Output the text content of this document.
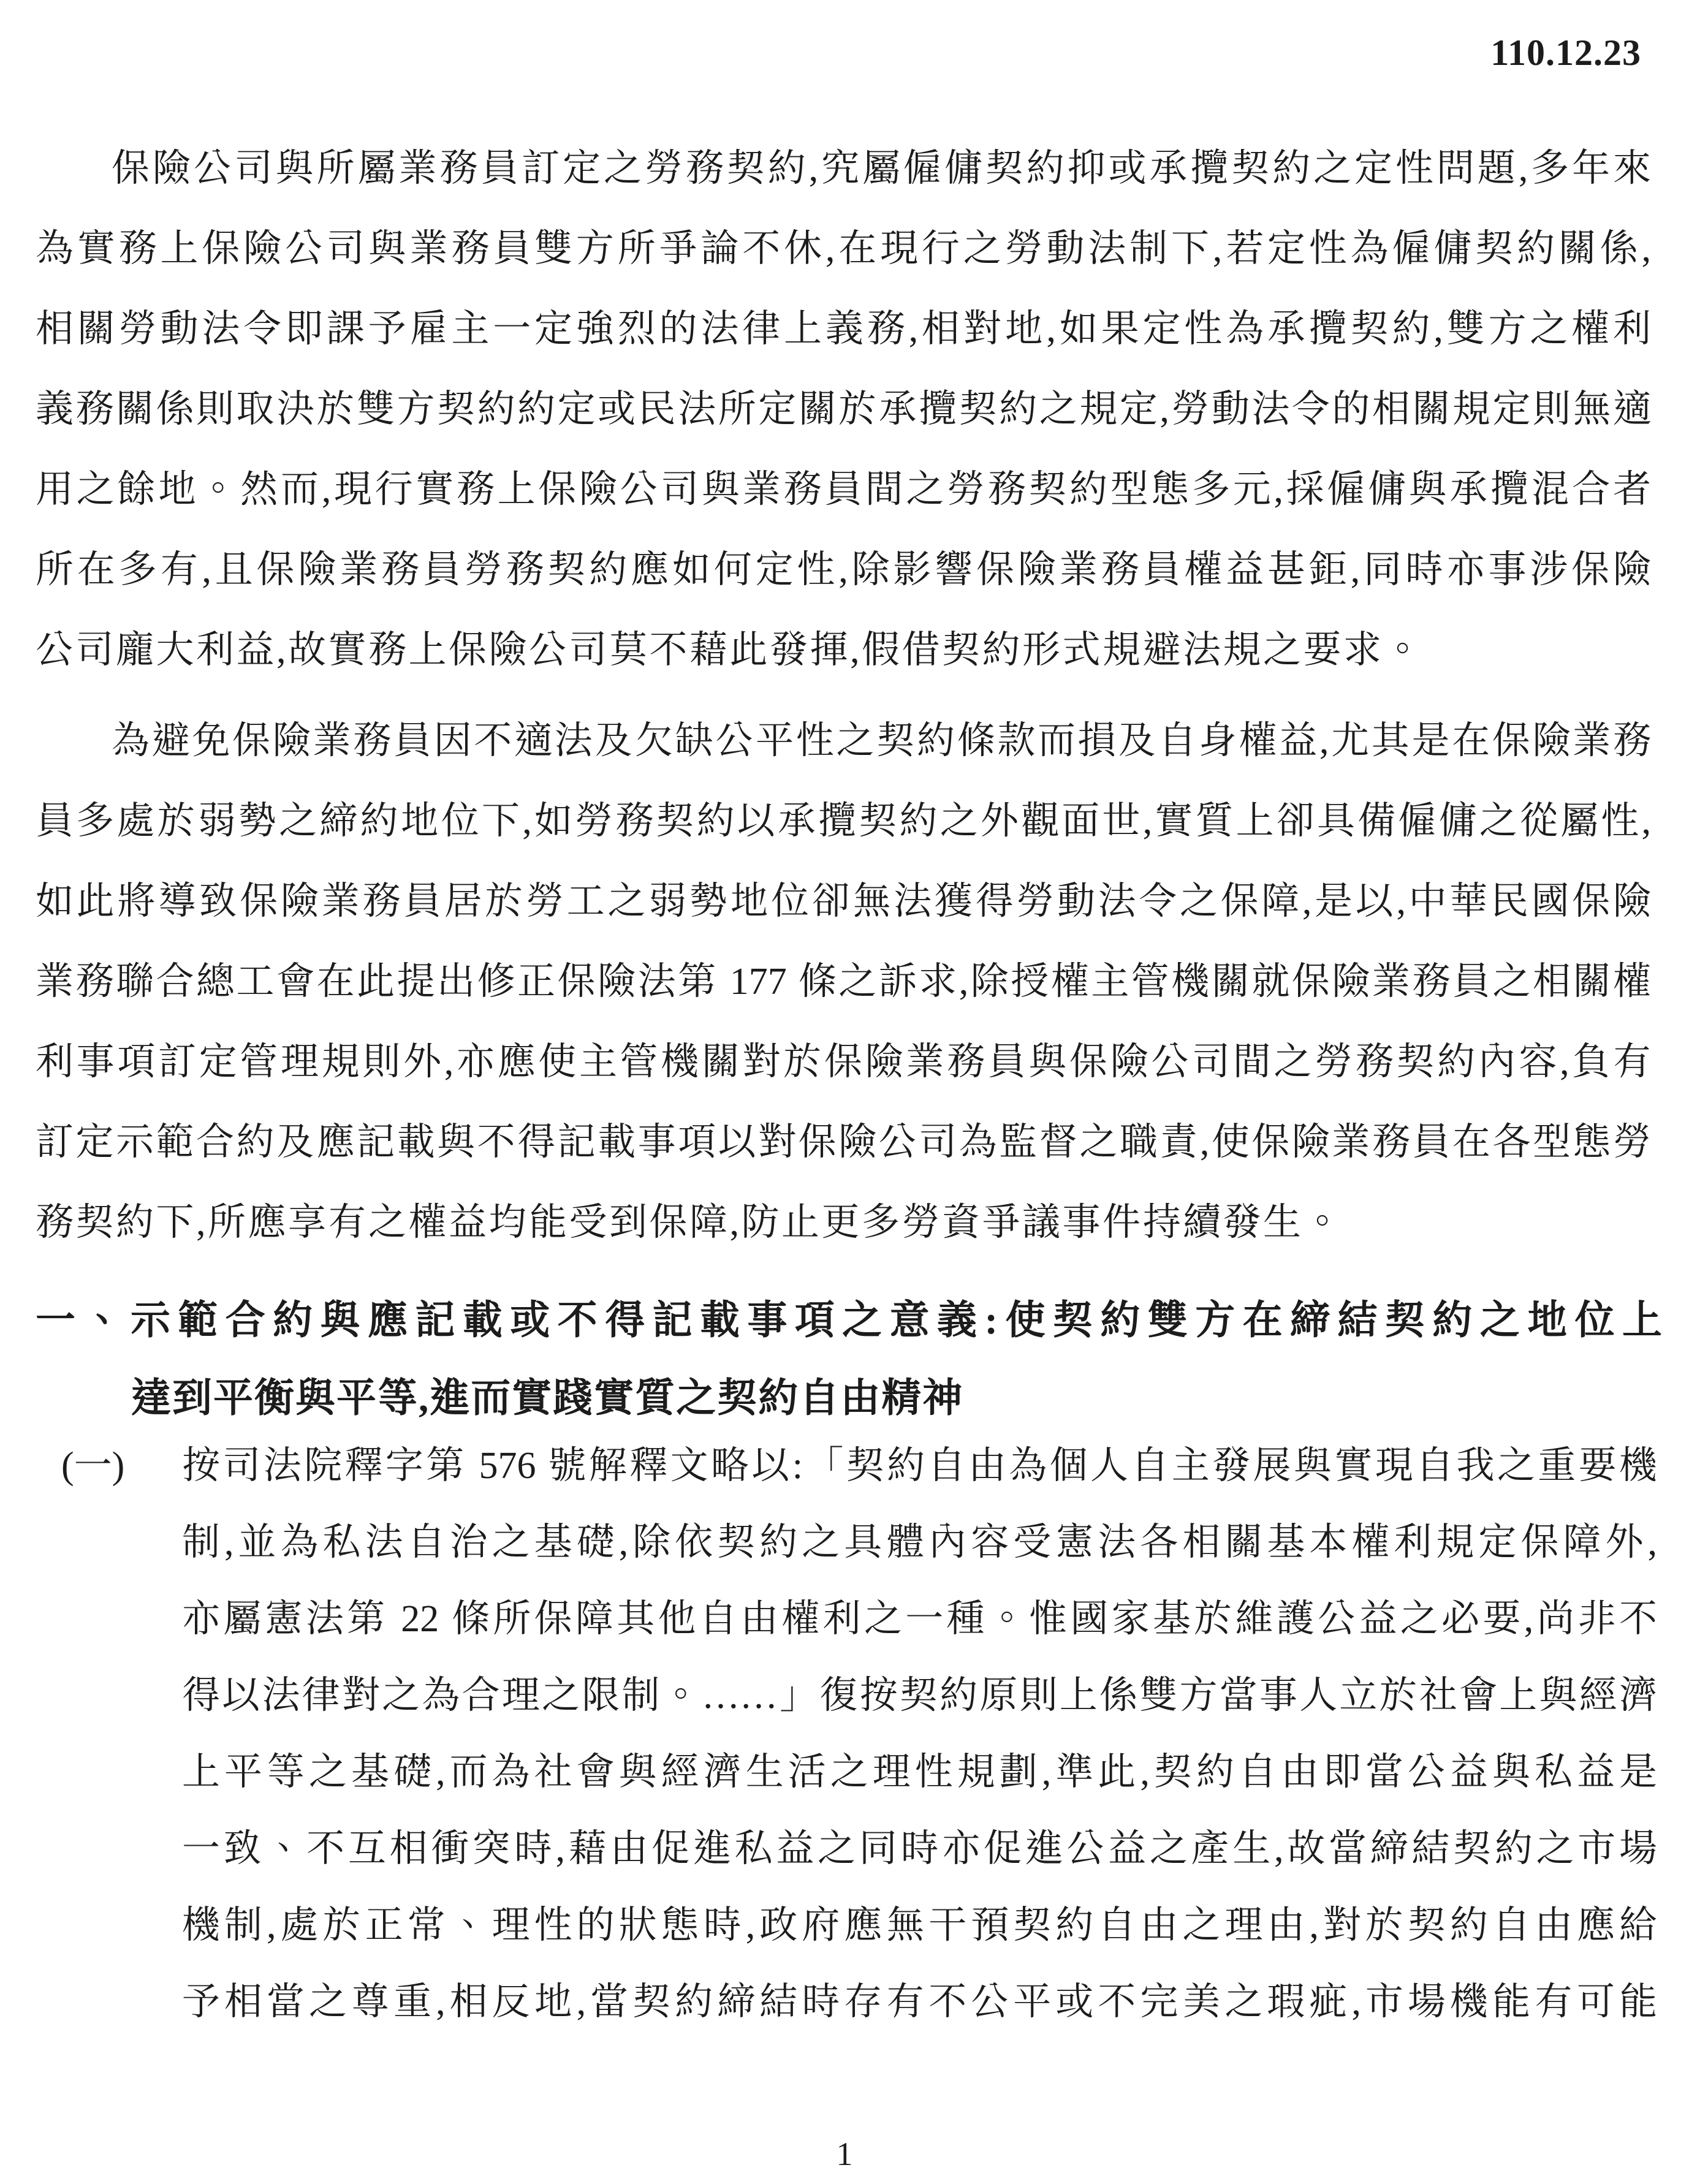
110.12.23
保險公司與所屬業務員訂定之勞務契約,究屬僱傭契約抑或承攬契約之定性問題,多年來
為實務上保險公司與業務員雙方所爭論不休,在現行之勞動法制下,若定性為僱傭契約關係,
相關勞動法令即課予雇主一定強烈的法律上義務,相對地,如果定性為承攬契約,雙方之權利
義務關係則取決於雙方契約約定或民法所定關於承攬契約之規定,勞動法令的相關規定則無適
用之餘地。然而,現行實務上保險公司與業務員間之勞務契約型態多元,採僱傭與承攬混合者
所在多有,且保險業務員勞務契約應如何定性,除影響保險業務員權益甚鉅,同時亦事涉保險
公司龐大利益,故實務上保險公司莫不藉此發揮,假借契約形式規避法規之要求。
為避免保險業務員因不適法及欠缺公平性之契約條款而損及自身權益,尤其是在保險業務
員多處於弱勢之締約地位下,如勞務契約以承攬契約之外觀面世,實質上卻具備僱傭之從屬性,
如此將導致保險業務員居於勞工之弱勢地位卻無法獲得勞動法令之保障,是以,中華民國保險
業務聯合總工會在此提出修正保險法第 177 條之訴求,除授權主管機關就保險業務員之相關權
利事項訂定管理規則外,亦應使主管機關對於保險業務員與保險公司間之勞務契約內容,負有
訂定示範合約及應記載與不得記載事項以對保險公司為監督之職責,使保險業務員在各型態勞
務契約下,所應享有之權益均能受到保障,防止更多勞資爭議事件持續發生。
一、示範合約與應記載或不得記載事項之意義:使契約雙方在締結契約之地位上
達到平衡與平等,進而實踐實質之契約自由精神
(一) 按司法院釋字第 576 號解釋文略以:「契約自由為個人自主發展與實現自我之重要機
制,並為私法自治之基礎,除依契約之具體內容受憲法各相關基本權利規定保障外,
亦屬憲法第 22 條所保障其他自由權利之一種。惟國家基於維護公益之必要,尚非不
得以法律對之為合理之限制。……」復按契約原則上係雙方當事人立於社會上與經濟
上平等之基礎,而為社會與經濟生活之理性規劃,準此,契約自由即當公益與私益是
一致、不互相衝突時,藉由促進私益之同時亦促進公益之產生,故當締結契約之市場
機制,處於正常、理性的狀態時,政府應無干預契約自由之理由,對於契約自由應給
予相當之尊重,相反地,當契約締結時存有不公平或不完美之瑕疵,市場機能有可能
1
